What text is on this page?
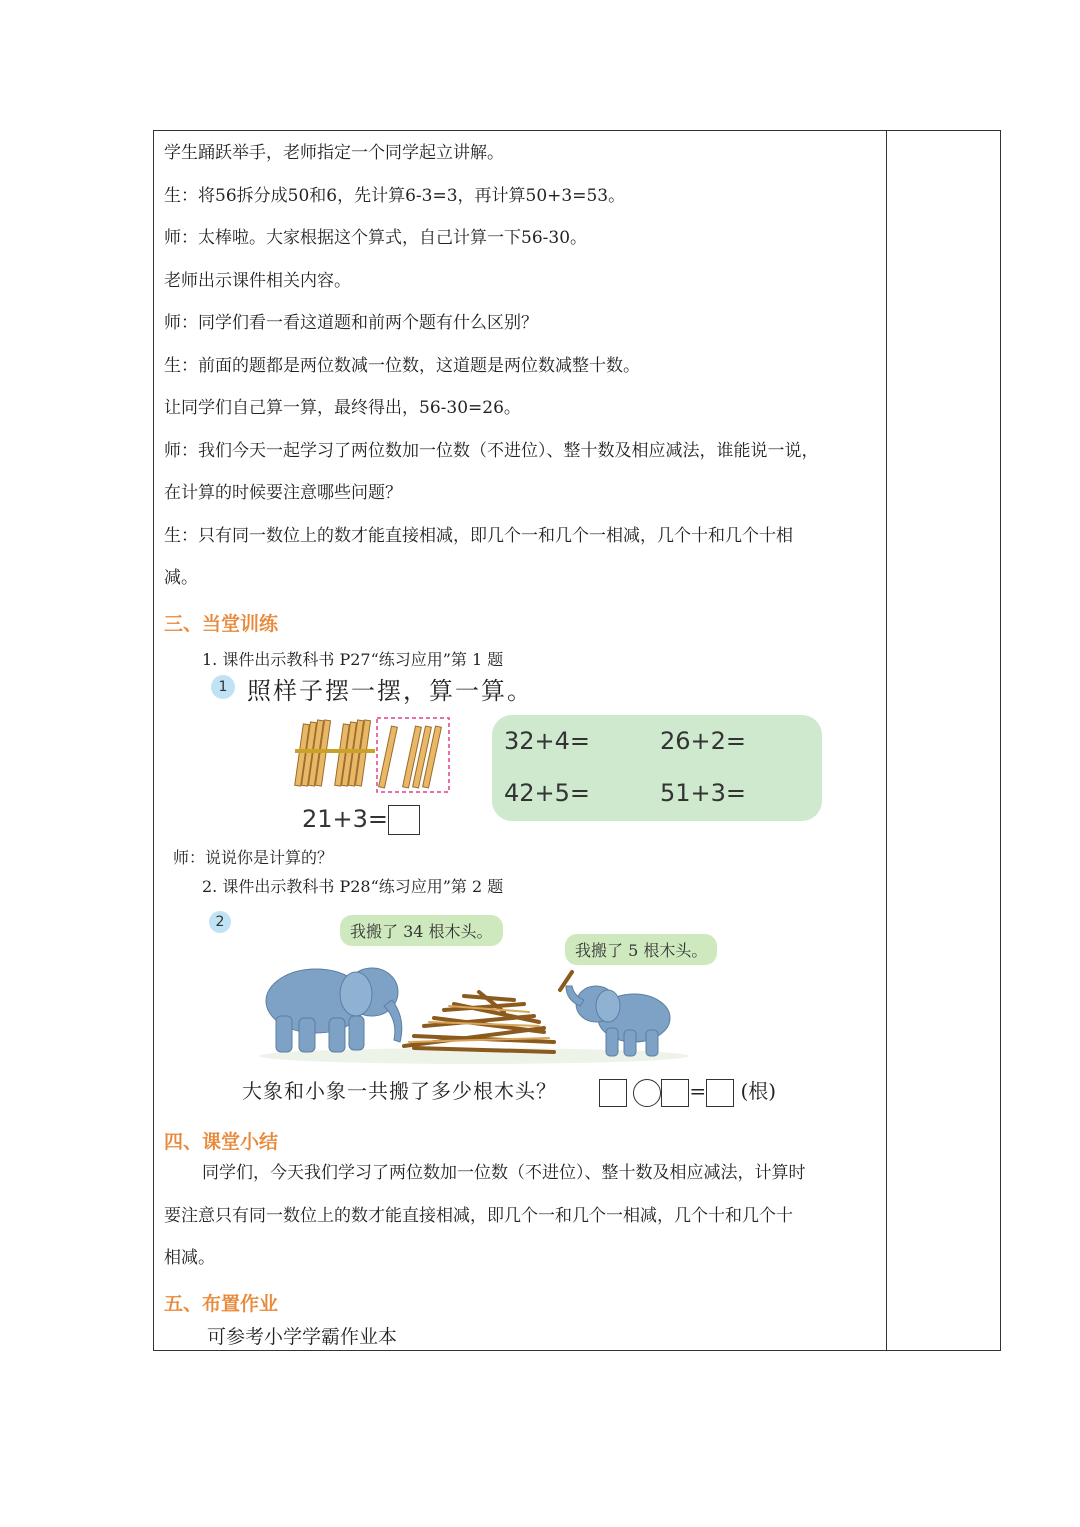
学生踊跃举手，老师指定一个同学起立讲解。
生：将56拆分成50和6，先计算6-3=3，再计算50+3=53。
师：太棒啦。大家根据这个算式，自己计算一下56-30。
老师出示课件相关内容。
师：同学们看一看这道题和前两个题有什么区别？
生：前面的题都是两位数减一位数，这道题是两位数减整十数。
让同学们自己算一算，最终得出，56-30=26。
师：我们今天一起学习了两位数加一位数（不进位）、整十数及相应减法，谁能说一说，
在计算的时候要注意哪些问题？
生：只有同一数位上的数才能直接相减，即几个一和几个一相减，几个十和几个十相
减。
三、当堂训练
1. 课件出示教科书 P27“练习应用”第 1 题
1 照样子摆一摆，算一算。
21+3=
32+4=	26+2=
42+5=	51+3=
师：说说你是计算的？
2. 课件出示教科书 P28“练习应用”第 2 题
2	我搬了 34 根木头。
我搬了 5 根木头。
大象和小象一共搬了多少根木头？	= (根)
四、课堂小结
同学们，今天我们学习了两位数加一位数（不进位）、整十数及相应减法，计算时
要注意只有同一数位上的数才能直接相减，即几个一和几个一相减，几个十和几个十
相减。
五、布置作业
可参考小学学霸作业本
